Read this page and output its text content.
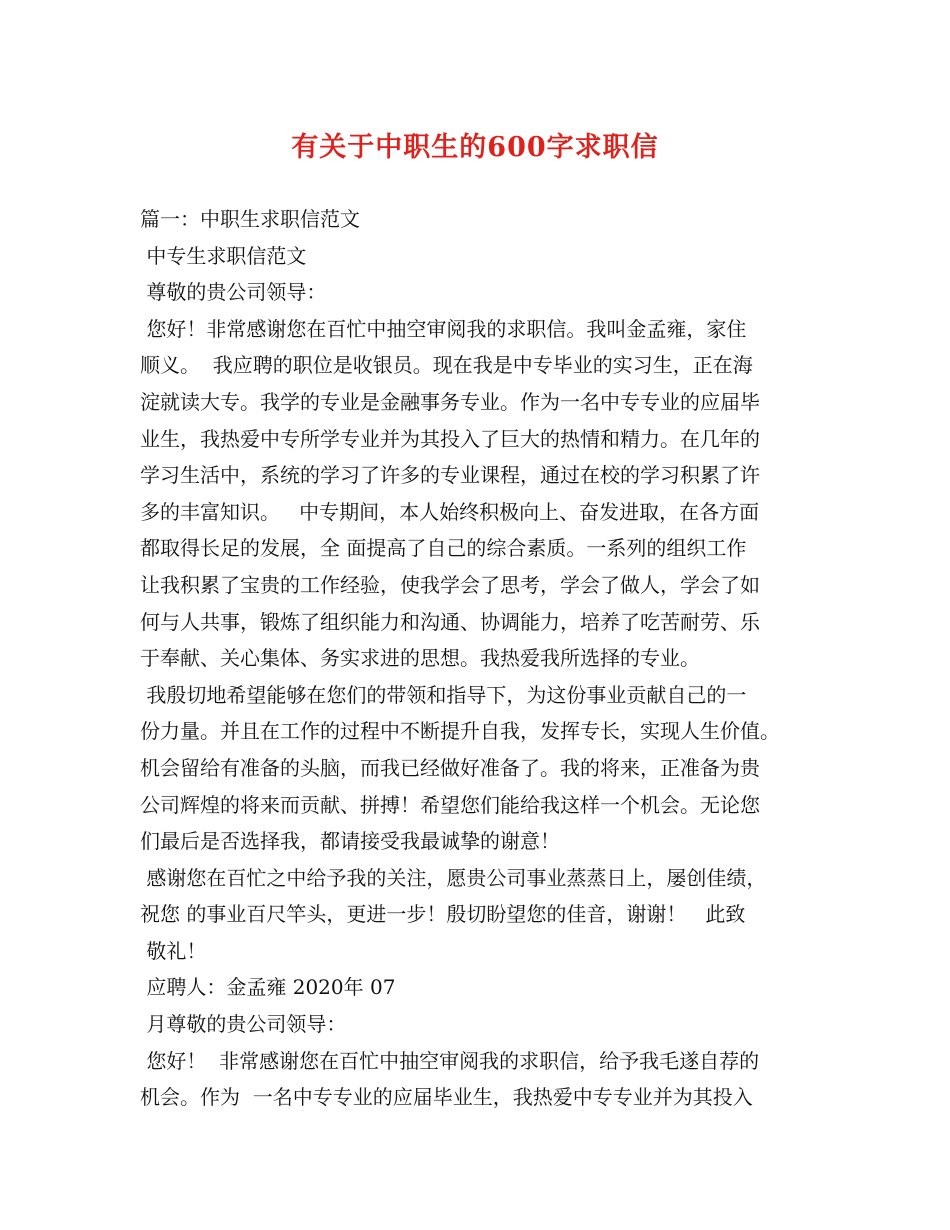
有关于中职生的600字求职信
篇一：中职生求职信范文
中专生求职信范文
尊敬的贵公司领导：
您好！非常感谢您在百忙中抽空审阅我的求职信。我叫金孟雍，家住
顺义。  我应聘的职位是收银员。现在我是中专毕业的实习生，正在海
淀就读大专。我学的专业是金融事务专业。作为一名中专专业的应届毕
业生，我热爱中专所学专业并为其投入了巨大的热情和精力。在几年的
学习生活中，系统的学习了许多的专业课程，通过在校的学习积累了许
多的丰富知识。   中专期间，本人始终积极向上、奋发进取，在各方面
都取得长足的发展，全 面提高了自己的综合素质。一系列的组织工作
让我积累了宝贵的工作经验，使我学会了思考，学会了做人，学会了如
何与人共事，锻炼了组织能力和沟通、协调能力，培养了吃苦耐劳、乐
于奉献、关心集体、务实求进的思想。我热爱我所选择的专业。
我殷切地希望能够在您们的带领和指导下，为这份事业贡献自己的一
份力量。并且在工作的过程中不断提升自我，发挥专长，实现人生价值。
机会留给有准备的头脑，而我已经做好准备了。我的将来，正准备为贵
公司辉煌的将来而贡献、拼搏！希望您们能给我这样一个机会。无论您
们最后是否选择我，都请接受我最诚挚的谢意！
感谢您在百忙之中给予我的关注，愿贵公司事业蒸蒸日上，屡创佳绩，
祝您 的事业百尺竿头，更进一步！殷切盼望您的佳音，谢谢！   此致
敬礼！
应聘人：金孟雍 2020年 07
月尊敬的贵公司领导：
您好！  非常感谢您在百忙中抽空审阅我的求职信，给予我毛遂自荐的
机会。作为  一名中专专业的应届毕业生，我热爱中专专业并为其投入
